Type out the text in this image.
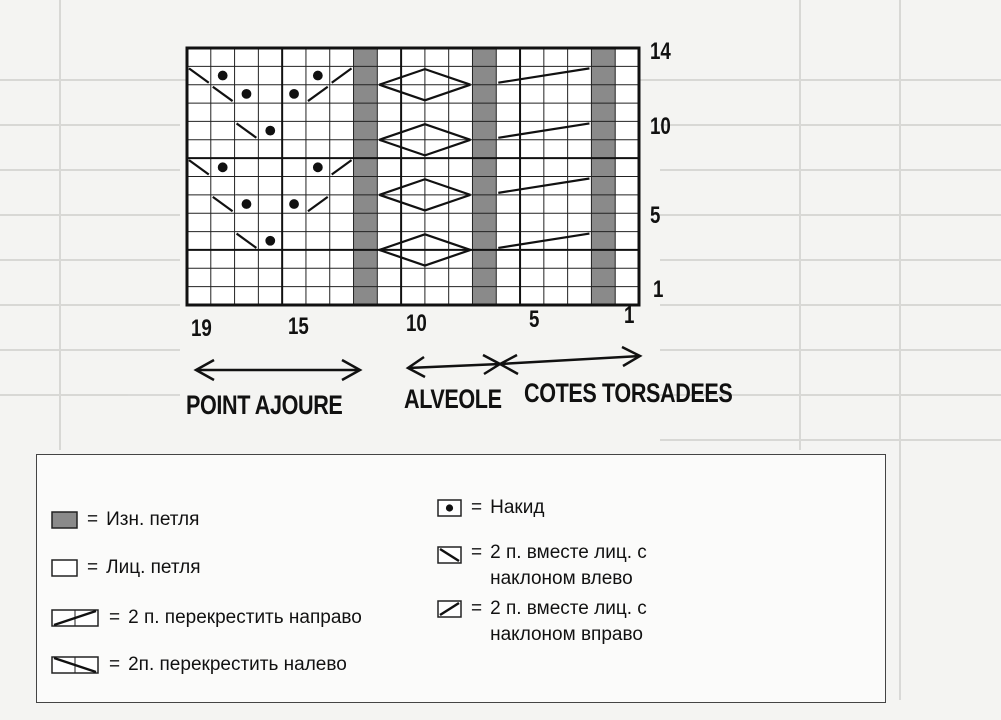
14
10
5
1
19	15	10	5	1
POINT AJOURE ALVEOLE COTES TORSADEES
= Изн. петля
= Лиц. петля
= 2 п. перекрестить направо
= 2п. перекрестить налево
= Накид
= 2 п. вместе лиц. с наклоном влево
= 2 п. вместе лиц. с наклоном вправо
